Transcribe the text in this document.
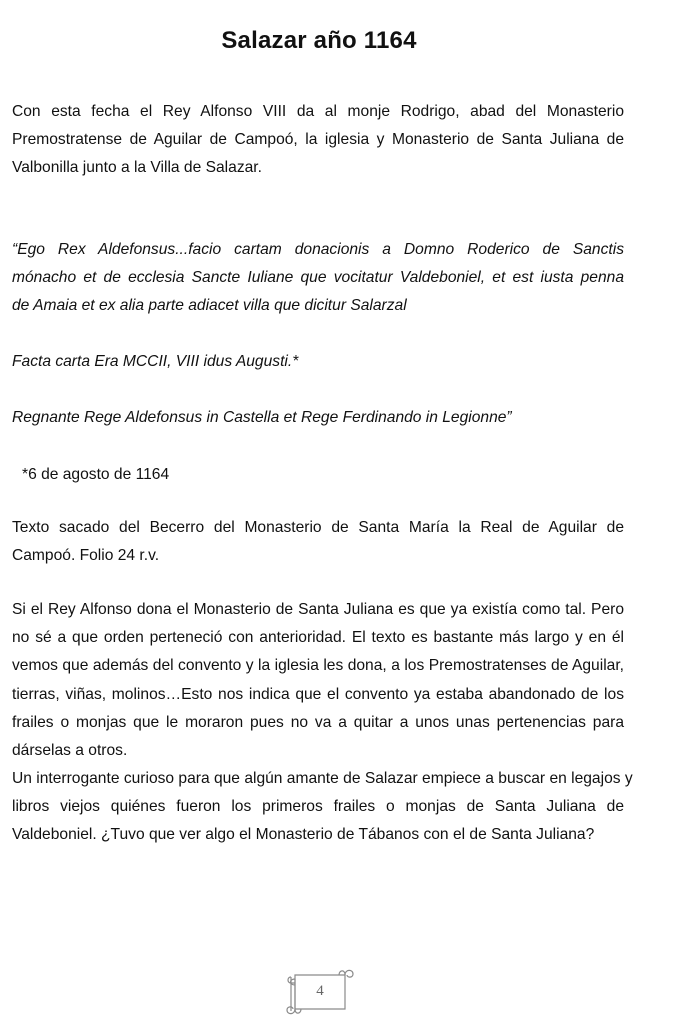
Salazar año 1164
Con esta fecha el Rey Alfonso VIII da al monje Rodrigo, abad del Monasterio
Premostratense de Aguilar de Campoó, la iglesia y Monasterio de Santa Juliana de
Valbonilla junto a la Villa de Salazar.
“Ego Rex Aldefonsus...facio cartam donacionis a Domno Roderico de Sanctis
mónacho et de ecclesia Sancte Iuliane que vocitatur Valdeboniel, et est iusta penna
de Amaia et ex alia parte adiacet villa que dicitur Salarzal
Facta carta Era MCCII, VIII idus Augusti.*
Regnante Rege Aldefonsus in Castella et Rege Ferdinando in Legionne”
*6 de agosto de 1164
Texto sacado del Becerro del Monasterio de Santa María la Real de Aguilar de
Campoó. Folio 24 r.v.
Si el Rey Alfonso dona el Monasterio de Santa Juliana es que ya existía como tal. Pero
no sé a que orden perteneció con anterioridad. El texto es bastante más largo y en él
vemos que además del convento y la iglesia les dona, a los Premostratenses de Aguilar,
tierras, viñas, molinos…Esto nos indica que el convento ya estaba abandonado de los
frailes o monjas que le moraron pues no va a quitar a unos unas pertenencias para
dárselas a otros.
Un interrogante curioso para que algún amante de Salazar empiece a buscar en legajos y
libros viejos quiénes fueron los primeros frailes o monjas de Santa Juliana de
Valdeboniel. ¿Tuvo que ver algo el Monasterio de Tábanos con el de Santa Juliana?
4
